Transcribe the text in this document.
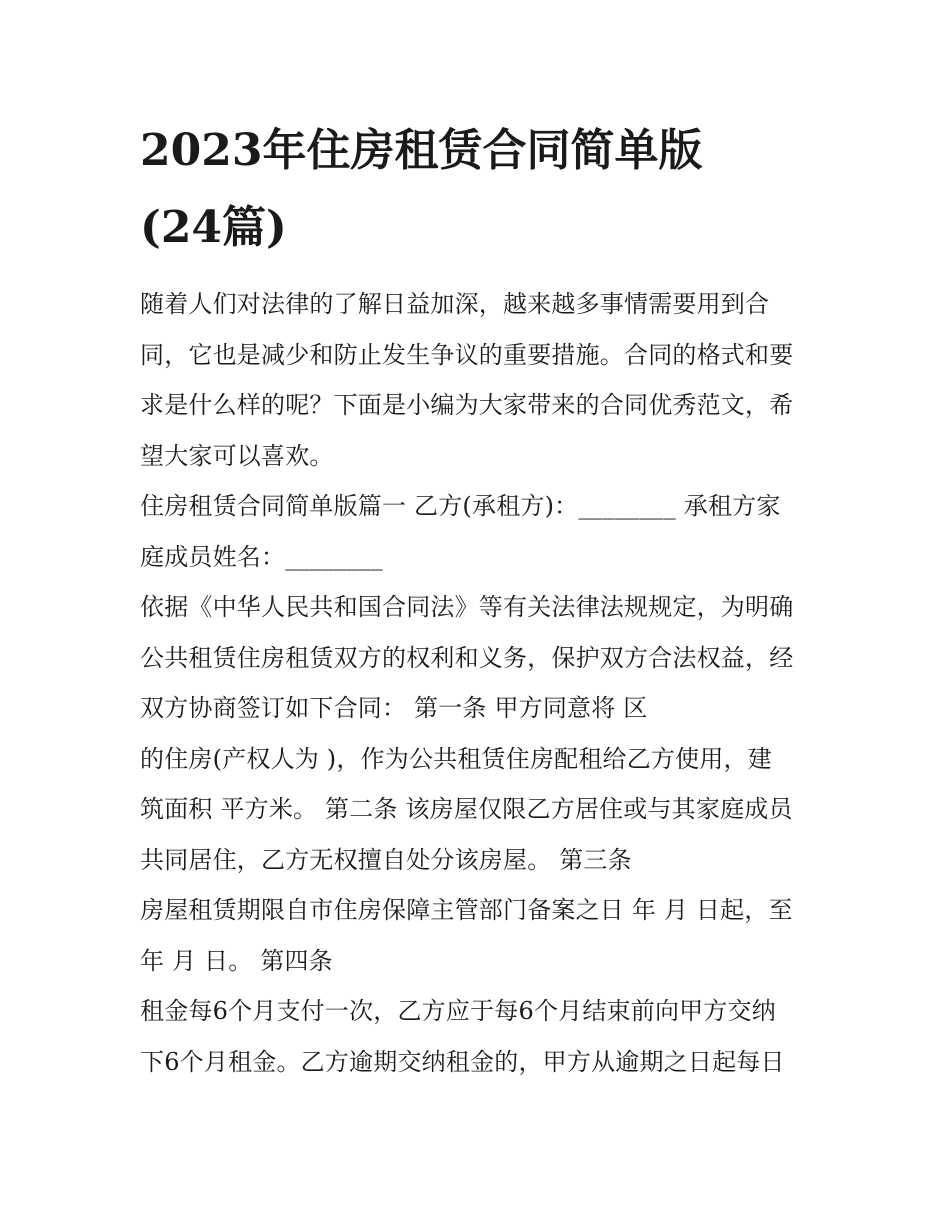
2023年住房租赁合同简单版
(24篇)

随着人们对法律的了解日益加深，越来越多事情需要用到合
同，它也是减少和防止发生争议的重要措施。合同的格式和要
求是什么样的呢？下面是小编为大家带来的合同优秀范文，希
望大家可以喜欢。

住房租赁合同简单版篇一 乙方(承租方)：________ 承租方家
庭成员姓名：________

依据《中华人民共和国合同法》等有关法律法规规定，为明确
公共租赁住房租赁双方的权利和义务，保护双方合法权益，经
双方协商签订如下合同： 第一条 甲方同意将 区

的住房(产权人为 )，作为公共租赁住房配租给乙方使用，建
筑面积 平方米。 第二条 该房屋仅限乙方居住或与其家庭成员
共同居住，乙方无权擅自处分该房屋。 第三条

房屋租赁期限自市住房保障主管部门备案之日 年 月 日起，至
年 月 日。 第四条

租金每6个月支付一次，乙方应于每6个月结束前向甲方交纳
下6个月租金。乙方逾期交纳租金的，甲方从逾期之日起每日
